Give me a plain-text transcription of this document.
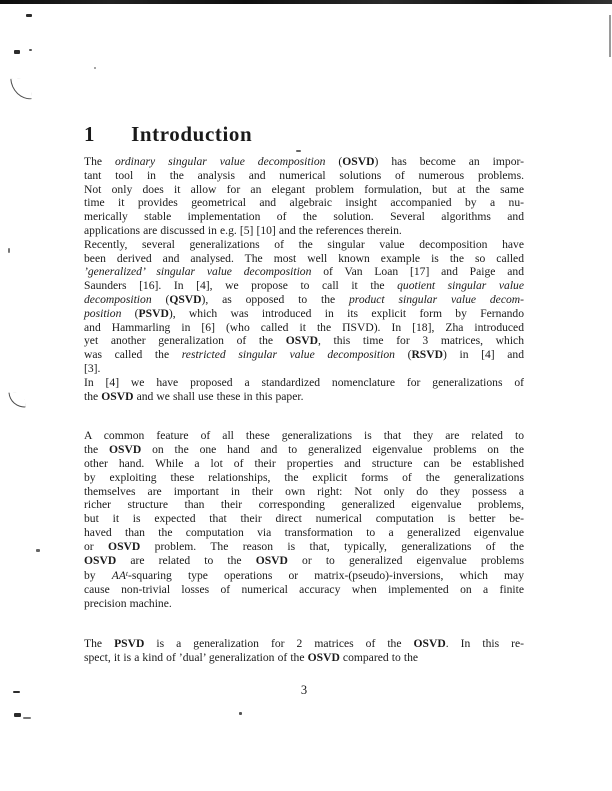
1 Introduction
The ordinary singular value decomposition (OSVD) has become an impor-
tant tool in the analysis and numerical solutions of numerous problems.
Not only does it allow for an elegant problem formulation, but at the same
time it provides geometrical and algebraic insight accompanied by a nu-
merically stable implementation of the solution. Several algorithms and
applications are discussed in e.g. [5] [10] and the references therein.
Recently, several generalizations of the singular value decomposition have
been derived and analysed. The most well known example is the so called
’generalized’ singular value decomposition of Van Loan [17] and Paige and
Saunders [16]. In [4], we propose to call it the quotient singular value
decomposition (QSVD), as opposed to the product singular value decom-
position (PSVD), which was introduced in its explicit form by Fernando
and Hammarling in [6] (who called it the ΠSVD). In [18], Zha introduced
yet another generalization of the OSVD, this time for 3 matrices, which
was called the restricted singular value decomposition (RSVD) in [4] and
[3].
In [4] we have proposed a standardized nomenclature for generalizations of
the OSVD and we shall use these in this paper.
A common feature of all these generalizations is that they are related to
the OSVD on the one hand and to generalized eigenvalue problems on the
other hand. While a lot of their properties and structure can be established
by exploiting these relationships, the explicit forms of the generalizations
themselves are important in their own right: Not only do they possess a
richer structure than their corresponding generalized eigenvalue problems,
but it is expected that their direct numerical computation is better be-
haved than the computation via transformation to a generalized eigenvalue
or OSVD problem. The reason is that, typically, generalizations of the
OSVD are related to the OSVD or to generalized eigenvalue problems
by $AA^t$-squaring type operations or matrix-(pseudo)-inversions, which may
cause non-trivial losses of numerical accuracy when implemented on a finite
precision machine.
The PSVD is a generalization for 2 matrices of the OSVD. In this re-
spect, it is a kind of ’dual’ generalization of the OSVD compared to the
3
